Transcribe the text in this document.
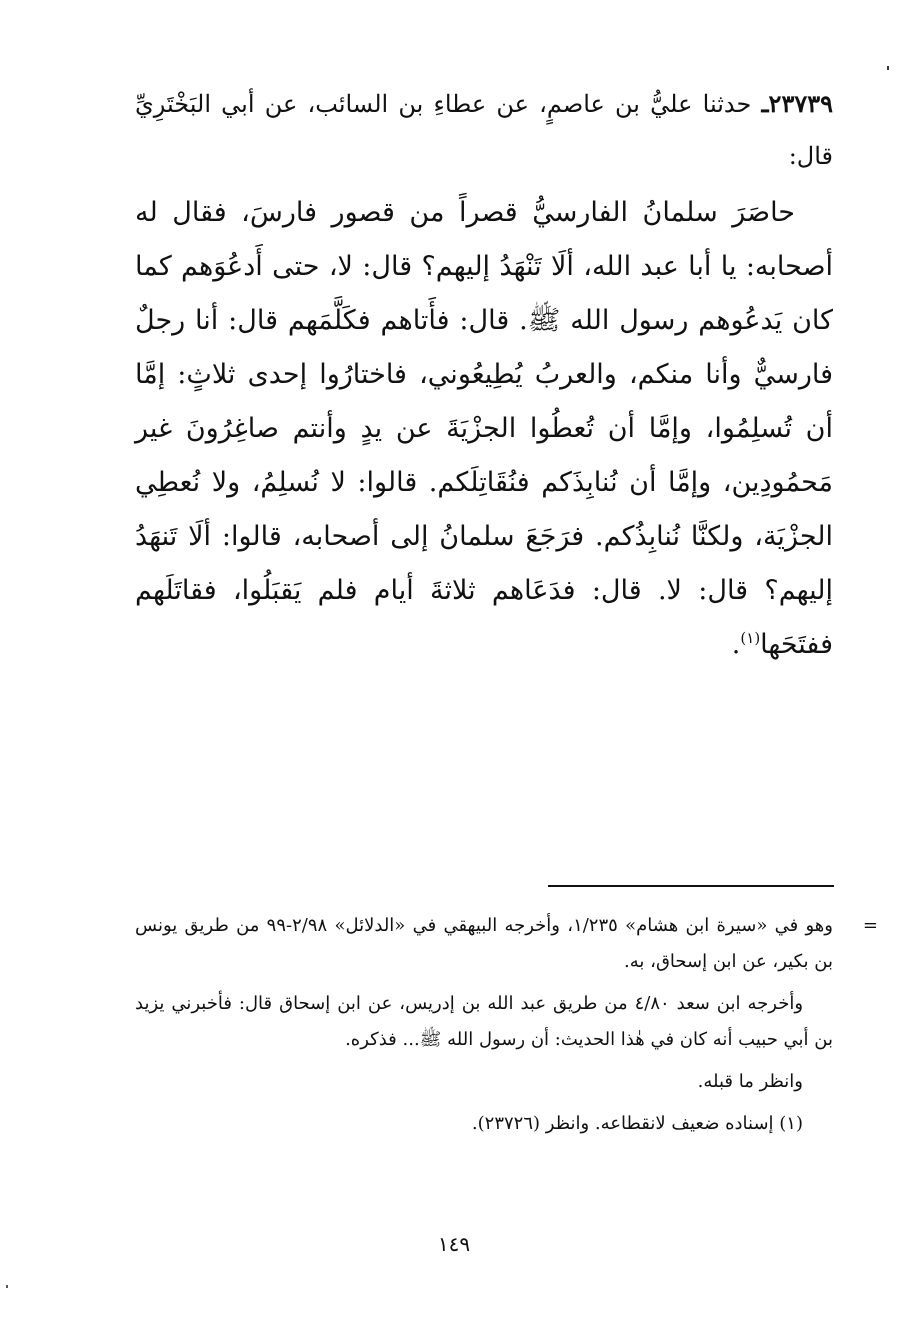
٢٣٧٣٩ـ حدثنا عليُّ بن عاصمٍ، عن عطاءِ بن السائب، عن أبي البَخْتَرِيِّ قال:

حاصَرَ سلمانُ الفارسيُّ قصراً من قصور فارسَ، فقال له أصحابه: يا أبا عبد الله، ألَا تَنْهَدُ إليهم؟ قال: لا، حتى أَدعُوَهم كما كان يَدعُوهم رسول الله ﷺ. قال: فأَتاهم فكَلَّمَهم قال: أنا رجلٌ فارسيٌّ وأنا منكم، والعربُ يُطِيعُوني، فاختارُوا إحدى ثلاثٍ: إمَّا أن تُسلِمُوا، وإمَّا أن تُعطُوا الجزْيَةَ عن يدٍ وأنتم صاغِرُونَ غير مَحمُودِين، وإمَّا أن نُنابِذَكم فنُقَاتِلَكم. قالوا: لا نُسلِمُ، ولا نُعطِي الجزْيَة، ولكنَّا نُنابِذُكم. فرَجَعَ سلمانُ إلى أصحابه، قالوا: ألَا تَنهَدُ إليهم؟ قال: لا. قال: فدَعَاهم ثلاثةَ أيام فلم يَقبَلُوا، فقاتَلَهم ففتَحَها$^{(١)}$.

=

وهو في «سيرة ابن هشام» ١/٢٣٥، وأخرجه البيهقي في «الدلائل» ٢/٩٨-٩٩ من طريق يونس بن بكير، عن ابن إسحاق، به.

وأخرجه ابن سعد ٤/٨٠ من طريق عبد الله بن إدريس، عن ابن إسحاق قال: فأخبرني يزيد بن أبي حبيب أنه كان في هٰذا الحديث: أن رسول الله ﷺ... فذكره.

وانظر ما قبله.

(١) إسناده ضعيف لانقطاعه. وانظر (٢٣٧٢٦).

١٤٩
